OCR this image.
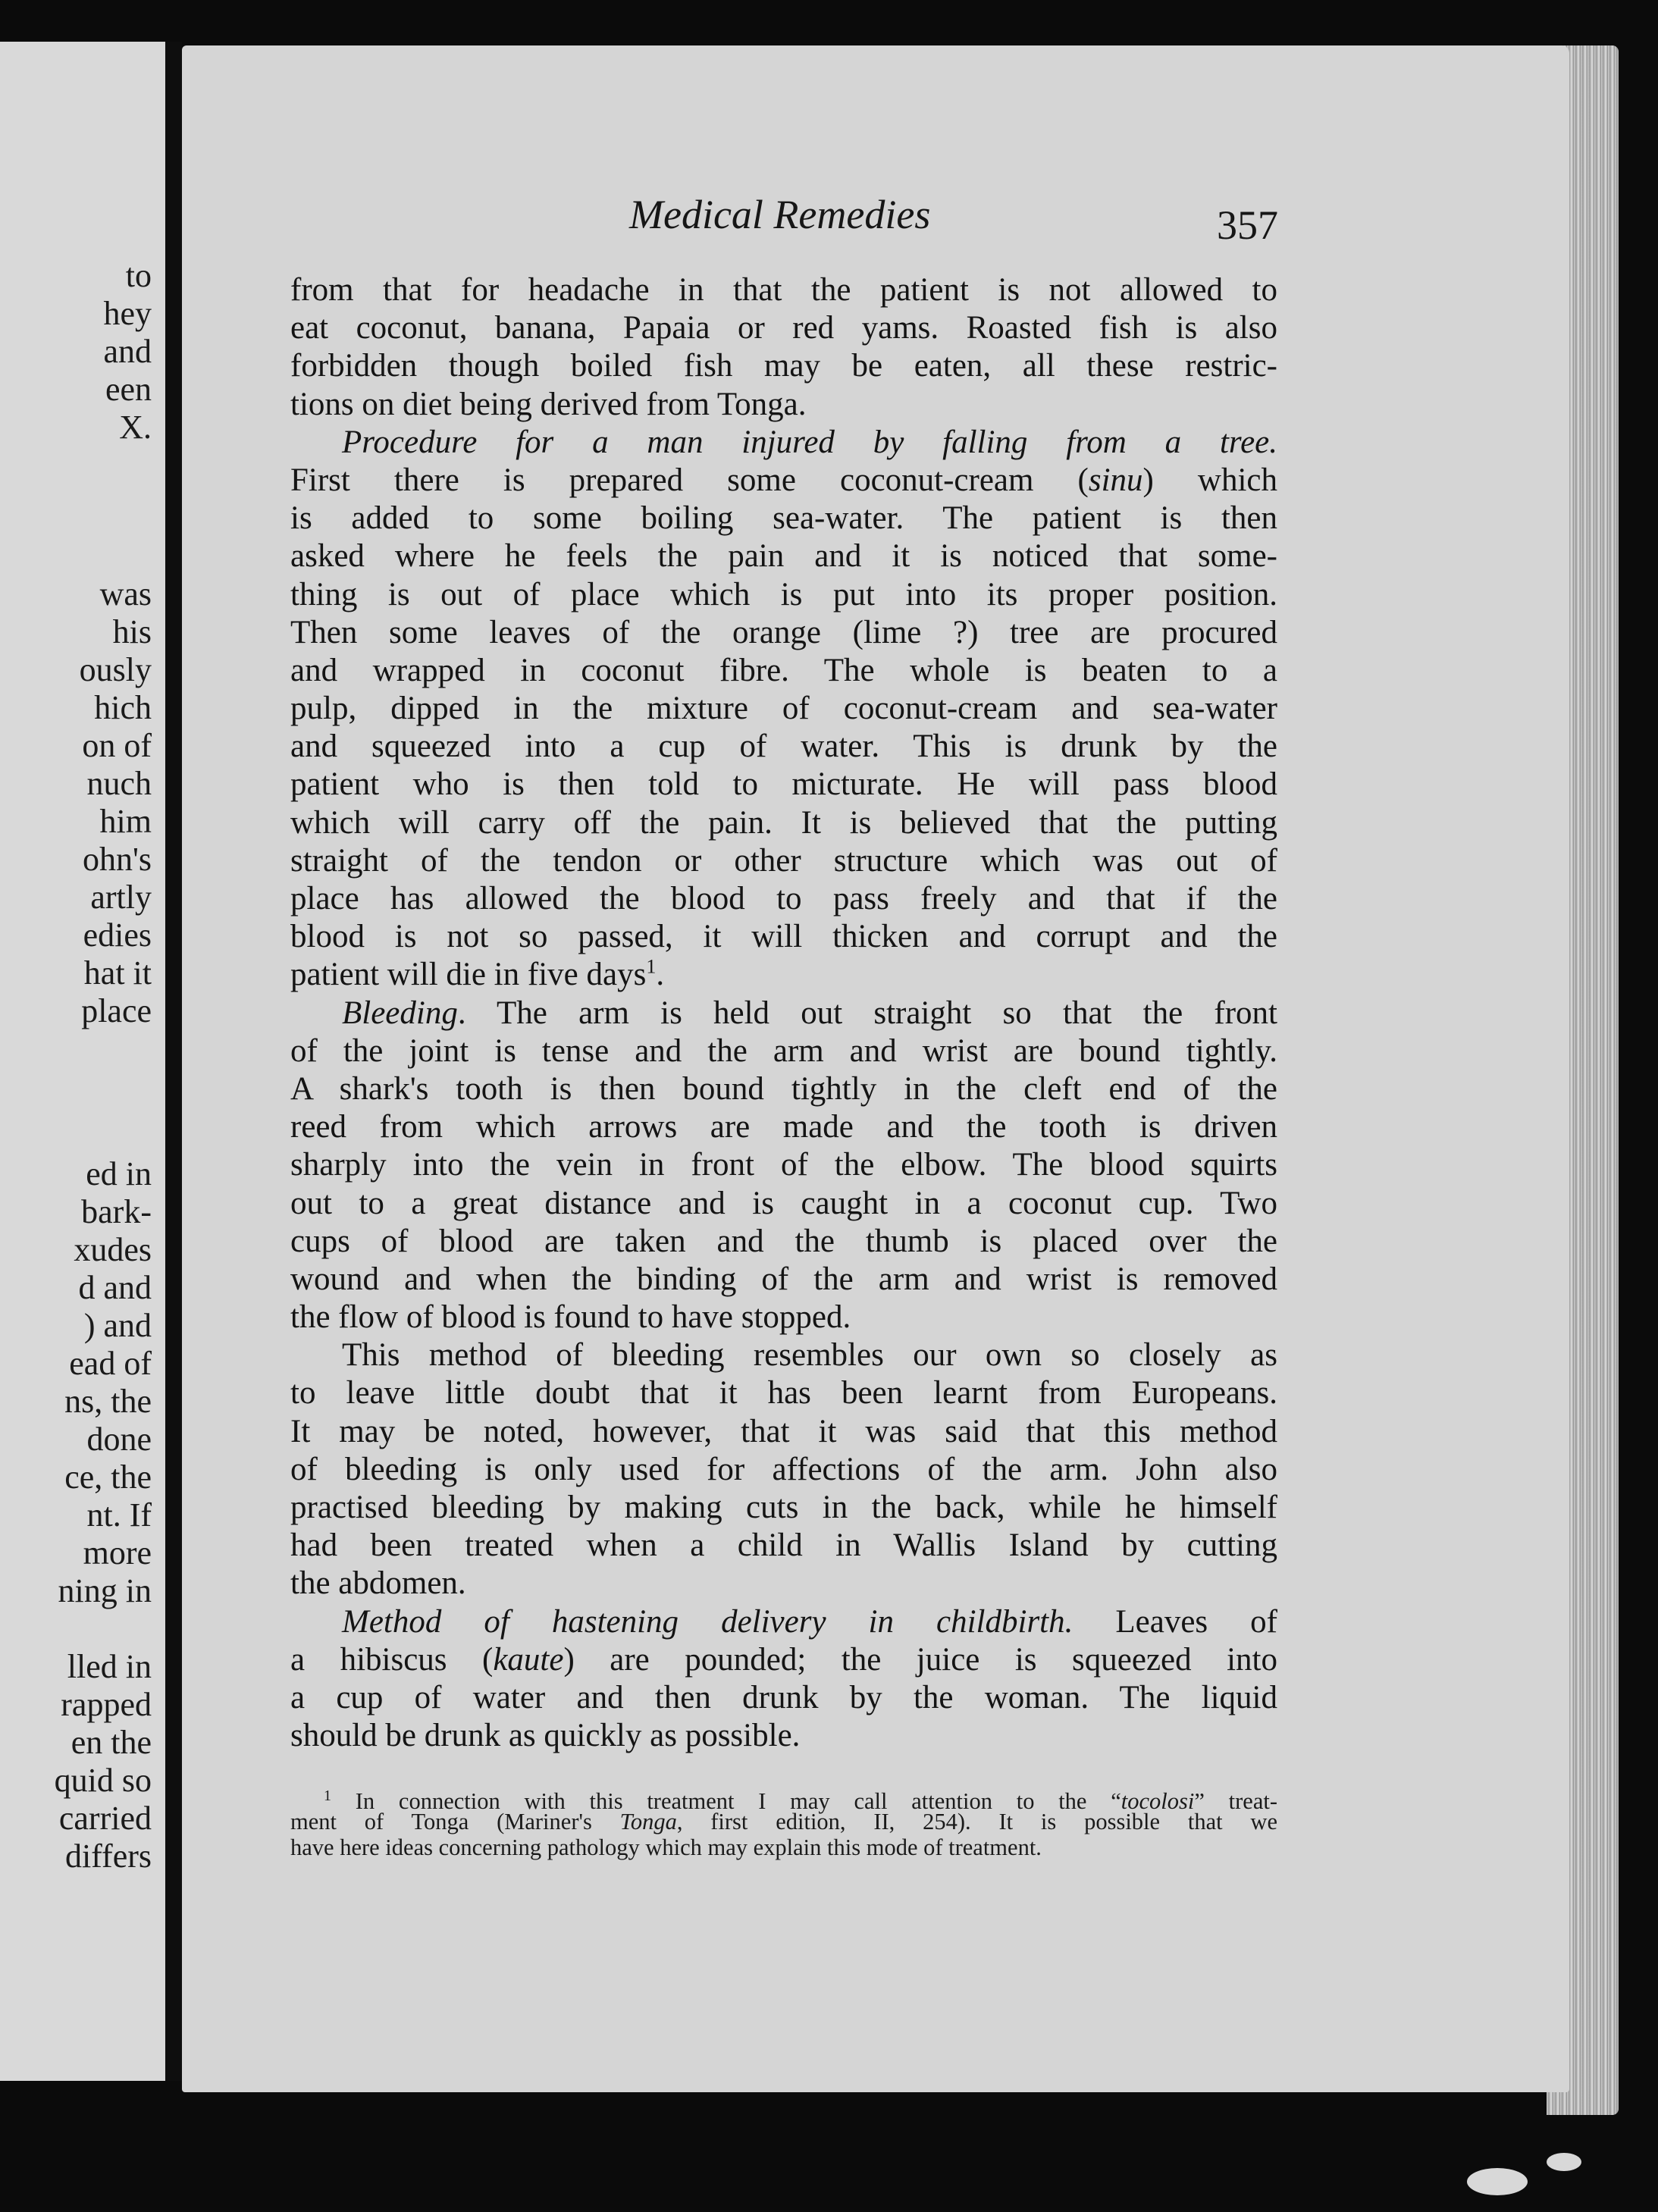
to
hey
and
een
X.
was
his
ously
hich
on of
nuch
him
ohn's
artly
edies
hat it
place
ed in
bark-
xudes
d and
) and
ead of
ns, the
done
ce, the
nt. If
more
ning in
lled in
rapped
en the
quid so
carried
differs
Medical Remedies	357
from that for headache in that the patient is not allowed to
eat coconut, banana, Papaia or red yams. Roasted fish is also
forbidden though boiled fish may be eaten, all these restric-
tions on diet being derived from Tonga.
Procedure for a man injured by falling from a tree.
First there is prepared some coconut-cream (sinu) which
is added to some boiling sea-water. The patient is then
asked where he feels the pain and it is noticed that some-
thing is out of place which is put into its proper position.
Then some leaves of the orange (lime ?) tree are procured
and wrapped in coconut fibre. The whole is beaten to a
pulp, dipped in the mixture of coconut-cream and sea-water
and squeezed into a cup of water. This is drunk by the
patient who is then told to micturate. He will pass blood
which will carry off the pain. It is believed that the putting
straight of the tendon or other structure which was out of
place has allowed the blood to pass freely and that if the
blood is not so passed, it will thicken and corrupt and the
patient will die in five days$^1$.
Bleeding. The arm is held out straight so that the front
of the joint is tense and the arm and wrist are bound tightly.
A shark's tooth is then bound tightly in the cleft end of the
reed from which arrows are made and the tooth is driven
sharply into the vein in front of the elbow. The blood squirts
out to a great distance and is caught in a coconut cup. Two
cups of blood are taken and the thumb is placed over the
wound and when the binding of the arm and wrist is removed
the flow of blood is found to have stopped.
This method of bleeding resembles our own so closely as
to leave little doubt that it has been learnt from Europeans.
It may be noted, however, that it was said that this method
of bleeding is only used for affections of the arm. John also
practised bleeding by making cuts in the back, while he himself
had been treated when a child in Wallis Island by cutting
the abdomen.
Method of hastening delivery in childbirth. Leaves of
a hibiscus (kaute) are pounded; the juice is squeezed into
a cup of water and then drunk by the woman. The liquid
should be drunk as quickly as possible.
$^1$ In connection with this treatment I may call attention to the “tocolosi” treat-
ment of Tonga (Mariner's Tonga, first edition, II, 254). It is possible that we
have here ideas concerning pathology which may explain this mode of treatment.
